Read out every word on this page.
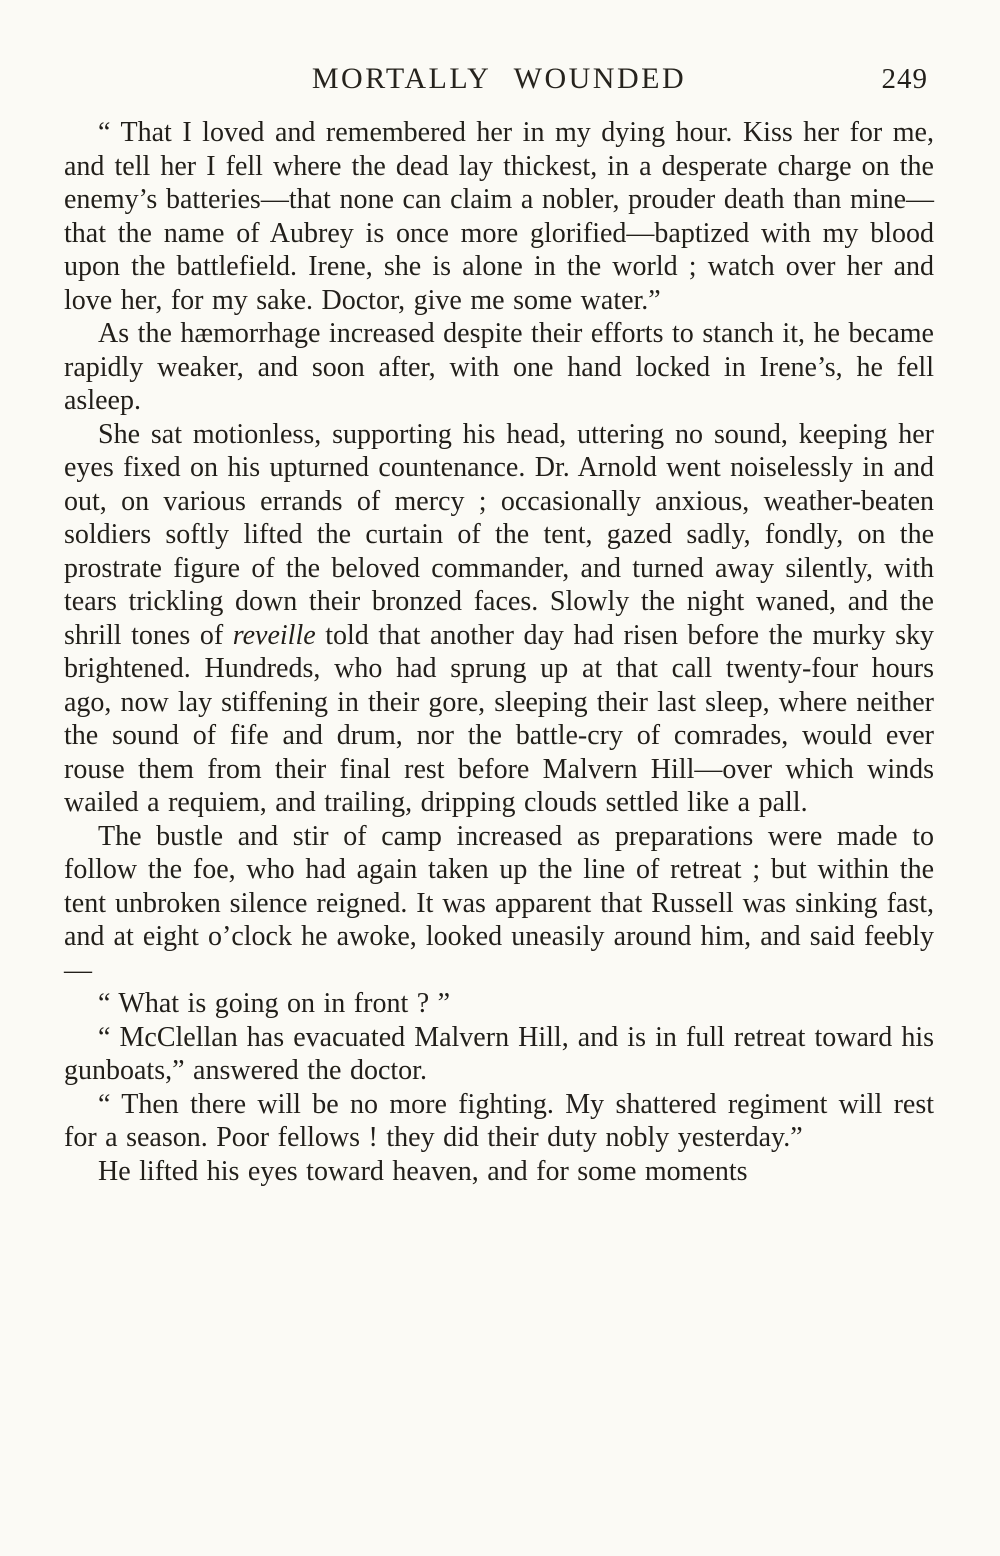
MORTALLY WOUNDED	249

“ That I loved and remembered her in my dying hour. Kiss her for me, and tell her I fell where the dead lay thickest, in a desperate charge on the enemy’s batteries—that none can claim a nobler, prouder death than mine—that the name of Aubrey is once more glorified—baptized with my blood upon the battlefield. Irene, she is alone in the world ; watch over her and love her, for my sake. Doctor, give me some water.”

As the hæmorrhage increased despite their efforts to stanch it, he became rapidly weaker, and soon after, with one hand locked in Irene’s, he fell asleep.

She sat motionless, supporting his head, uttering no sound, keeping her eyes fixed on his upturned countenance. Dr. Arnold went noiselessly in and out, on various errands of mercy ; occasionally anxious, weather-beaten soldiers softly lifted the curtain of the tent, gazed sadly, fondly, on the prostrate figure of the beloved commander, and turned away silently, with tears trickling down their bronzed faces. Slowly the night waned, and the shrill tones of reveille told that another day had risen before the murky sky brightened. Hundreds, who had sprung up at that call twenty-four hours ago, now lay stiffening in their gore, sleeping their last sleep, where neither the sound of fife and drum, nor the battle-cry of comrades, would ever rouse them from their final rest before Malvern Hill—over which winds wailed a requiem, and trailing, dripping clouds settled like a pall.

The bustle and stir of camp increased as preparations were made to follow the foe, who had again taken up the line of retreat ; but within the tent unbroken silence reigned. It was apparent that Russell was sinking fast, and at eight o’clock he awoke, looked uneasily around him, and said feebly—

“ What is going on in front ? ”

“ McClellan has evacuated Malvern Hill, and is in full retreat toward his gunboats,” answered the doctor.

“ Then there will be no more fighting. My shattered regiment will rest for a season. Poor fellows ! they did their duty nobly yesterday.”

He lifted his eyes toward heaven, and for some moments
